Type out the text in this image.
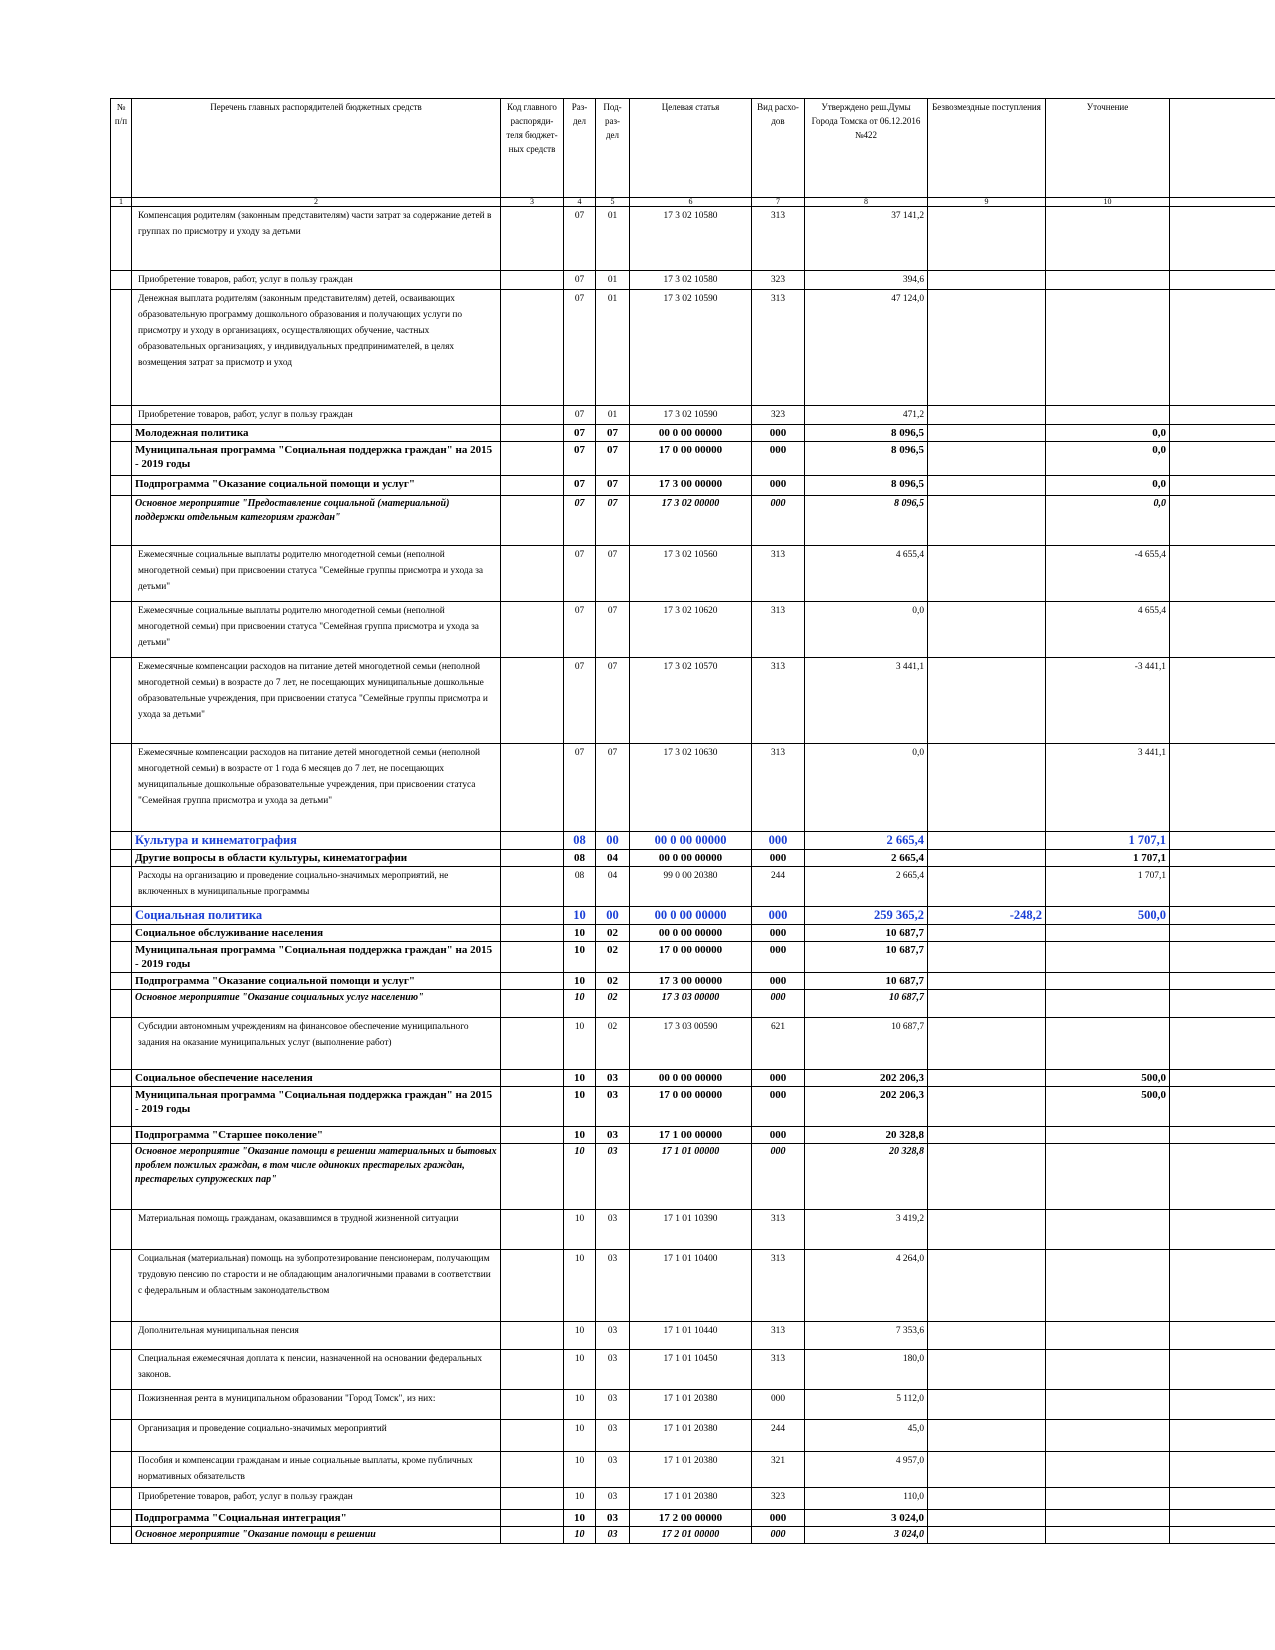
№ п/п	Перечень главных распорядителей бюджетных средств	Код главного распоряди-теля бюджет-ных средств	Раз-дел	Под-раз-дел	Целевая статья	Вид расхо-дов	Утверждено реш.Думы Города Томска от 06.12.2016 №422	Безвозмездные поступления	Уточнение	
1	2	3	4	5	6	7	8	9	10	
	Компенсация родителям (законным представителям) части затрат за содержание детей в группах по присмотру и уходу за детьми		07	01	17 3 02 10580	313	37 141,2			
	Приобретение товаров, работ, услуг в пользу граждан		07	01	17 3 02 10580	323	394,6			
	Денежная выплата родителям (законным представителям) детей, осваивающих образовательную программу дошкольного образования и получающих услуги по присмотру и уходу в организациях, осуществляющих обучение, частных образовательных организациях, у индивидуальных предпринимателей, в целях возмещения затрат за присмотр и уход		07	01	17 3 02 10590	313	47 124,0			
	Приобретение товаров, работ, услуг в пользу граждан		07	01	17 3 02 10590	323	471,2			
	Молодежная политика		07	07	00 0 00 00000	000	8 096,5		0,0	
	Муниципальная программа "Социальная поддержка граждан" на 2015 - 2019 годы		07	07	17 0 00 00000	000	8 096,5		0,0	
	Подпрограмма "Оказание социальной помощи и услуг"		07	07	17 3 00 00000	000	8 096,5		0,0	
	Основное мероприятие "Предоставление социальной (материальной) поддержки отдельным категориям граждан"		07	07	17 3 02 00000	000	8 096,5		0,0	
	Ежемесячные социальные выплаты родителю многодетной семьи (неполной многодетной семьи) при присвоении статуса "Семейные группы присмотра и ухода за детьми"		07	07	17 3 02 10560	313	4 655,4		-4 655,4	
	Ежемесячные социальные выплаты родителю многодетной семьи (неполной многодетной семьи) при присвоении статуса "Семейная группа присмотра и ухода за детьми"		07	07	17 3 02 10620	313	0,0		4 655,4	
	Ежемесячные компенсации расходов на питание детей многодетной семьи (неполной многодетной семьи) в возрасте до 7 лет, не посещающих муниципальные дошкольные образовательные учреждения, при присвоении статуса "Семейные группы присмотра и ухода за детьми"		07	07	17 3 02 10570	313	3 441,1		-3 441,1	
	Ежемесячные компенсации расходов на питание детей многодетной семьи (неполной многодетной семьи) в возрасте от 1 года 6 месяцев до 7 лет, не посещающих муниципальные дошкольные образовательные учреждения, при присвоении статуса "Семейная группа присмотра и ухода за детьми"		07	07	17 3 02 10630	313	0,0		3 441,1	
	Культура и кинематография		08	00	00 0 00 00000	000	2 665,4		1 707,1	
	Другие вопросы в области культуры, кинематографии		08	04	00 0 00 00000	000	2 665,4		1 707,1	
	Расходы на организацию и проведение социально-значимых мероприятий, не включенных в муниципальные программы		08	04	99 0 00 20380	244	2 665,4		1 707,1	
	Социальная политика		10	00	00 0 00 00000	000	259 365,2	-248,2	500,0	
	Социальное обслуживание населения		10	02	00 0 00 00000	000	10 687,7			
	Муниципальная программа "Социальная поддержка граждан" на 2015 - 2019 годы		10	02	17 0 00 00000	000	10 687,7			
	Подпрограмма "Оказание социальной помощи и услуг"		10	02	17 3 00 00000	000	10 687,7			
	Основное мероприятие "Оказание социальных услуг населению"		10	02	17 3 03 00000	000	10 687,7			
	Субсидии автономным учреждениям на финансовое обеспечение муниципального задания на оказание муниципальных услуг (выполнение работ)		10	02	17 3 03 00590	621	10 687,7			
	Социальное обеспечение населения		10	03	00 0 00 00000	000	202 206,3		500,0	
	Муниципальная программа "Социальная поддержка граждан" на 2015 - 2019 годы		10	03	17 0 00 00000	000	202 206,3		500,0	
	Подпрограмма "Старшее поколение"		10	03	17 1 00 00000	000	20 328,8			
	Основное мероприятие "Оказание помощи в решении материальных и бытовых проблем пожилых граждан, в том числе одиноких престарелых граждан, престарелых супружеских пар"		10	03	17 1 01 00000	000	20 328,8			
	Материальная помощь гражданам, оказавшимся в трудной жизненной ситуации		10	03	17 1 01 10390	313	3 419,2			
	Социальная (материальная) помощь на зубопротезирование пенсионерам, получающим трудовую пенсию по старости и не обладающим аналогичными правами в соответствии с федеральным и областным законодательством		10	03	17 1 01 10400	313	4 264,0			
	Дополнительная муниципальная пенсия		10	03	17 1 01 10440	313	7 353,6			
	Специальная ежемесячная доплата к пенсии, назначенной на основании федеральных законов.		10	03	17 1 01 10450	313	180,0			
	Пожизненная рента в муниципальном образовании "Город Томск", из них:		10	03	17 1 01 20380	000	5 112,0			
	Организация и проведение социально-значимых мероприятий		10	03	17 1 01 20380	244	45,0			
	Пособия и компенсации гражданам и иные социальные выплаты, кроме публичных нормативных обязательств		10	03	17 1 01 20380	321	4 957,0			
	Приобретение товаров, работ, услуг в пользу граждан		10	03	17 1 01 20380	323	110,0			
	Подпрограмма "Социальная интеграция"		10	03	17 2 00 00000	000	3 024,0			
	Основное мероприятие "Оказание помощи в решении		10	03	17 2 01 00000	000	3 024,0			
